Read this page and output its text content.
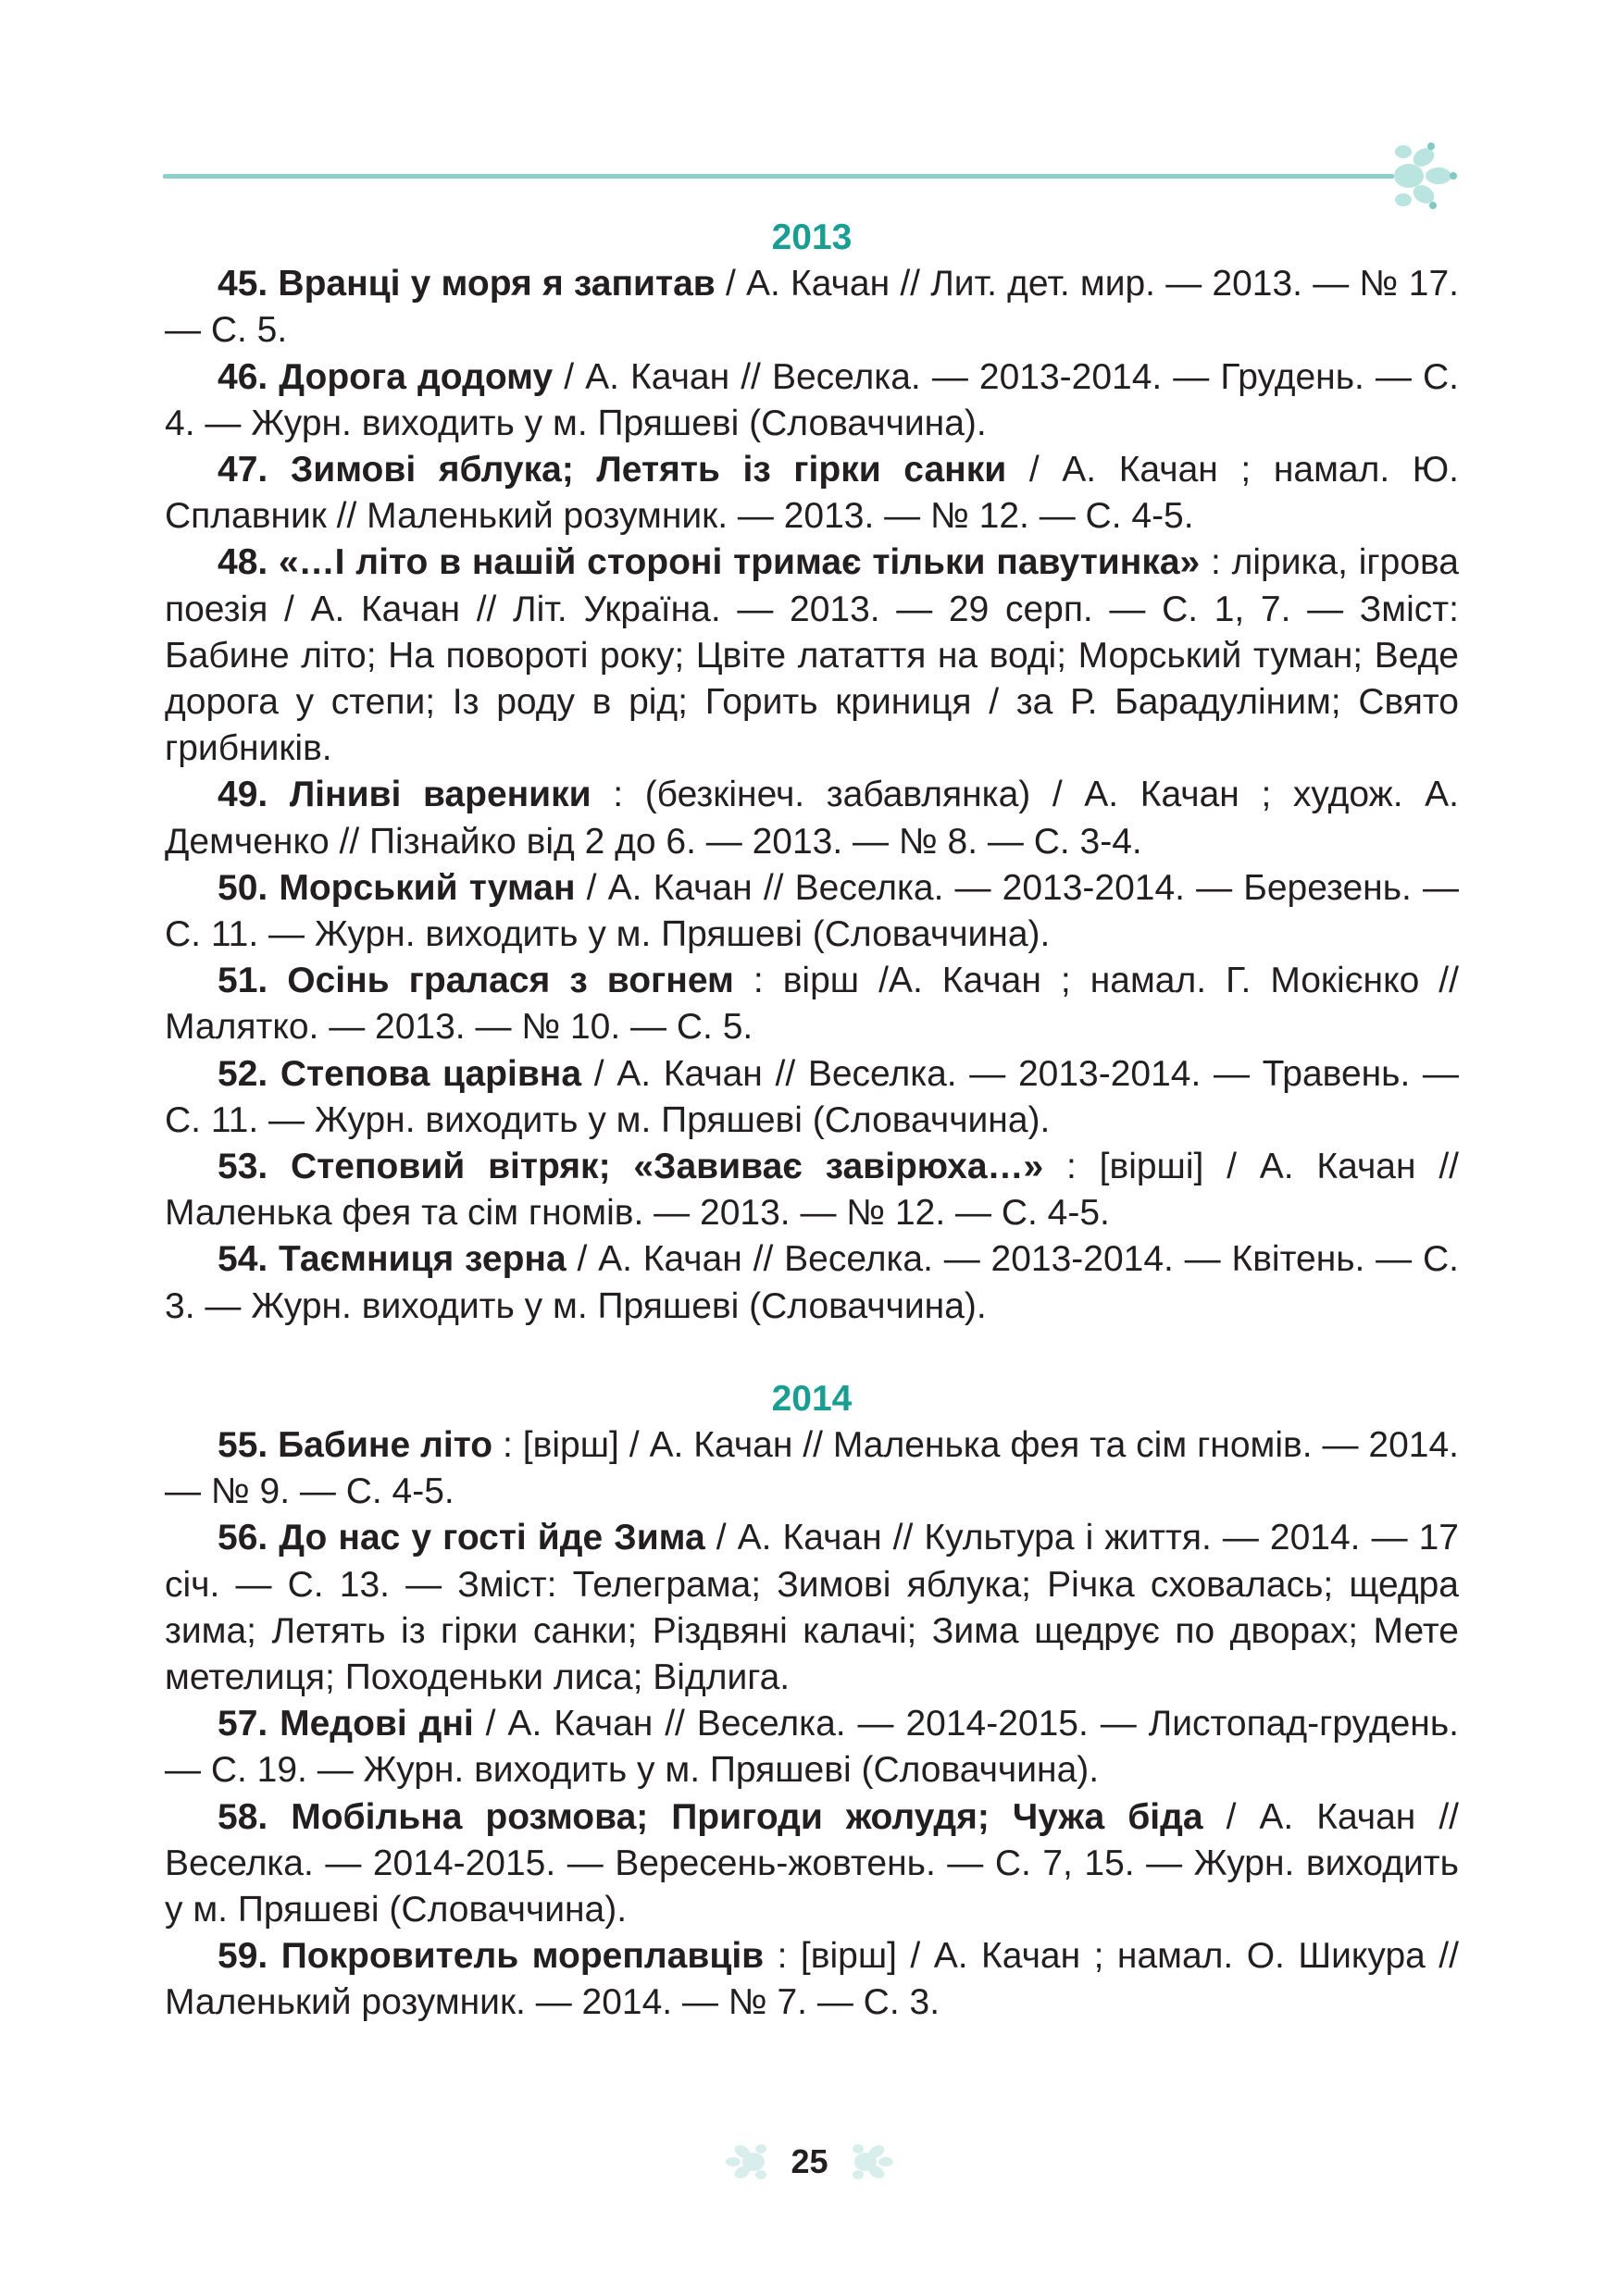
2013

45. Вранці у моря я запитав / А. Качан // Лит. дет. мир. — 2013. — № 17. — С. 5.

46. Дорога додому / А. Качан // Веселка. — 2013-2014. — Грудень. — С. 4. — Журн. виходить у м. Пряшеві (Словаччина).

47. Зимові яблука; Летять із гірки санки / А. Качан ; намал. Ю. Сплавник // Маленький розумник. — 2013. — № 12. — С. 4-5.

48. «…І літо в нашій стороні тримає тільки павутинка» : лірика, ігрова поезія / А. Качан // Літ. Україна. — 2013. — 29 серп. — С. 1, 7. — Зміст: Бабине літо; На повороті року; Цвіте латаття на воді; Морський туман; Веде дорога у степи; Із роду в рід; Горить криниця / за Р. Барадуліним; Свято грибників.

49. Ліниві вареники : (безкінеч. забавлянка) / А. Качан ; худож. А. Демченко // Пізнайко від 2 до 6. — 2013. — № 8. — С. 3-4.

50. Морський туман / А. Качан // Веселка. — 2013-2014. — Березень. — С. 11. — Журн. виходить у м. Пряшеві (Словаччина).

51. Осінь гралася з вогнем : вірш /А. Качан ; намал. Г. Мокієнко // Малятко. — 2013. — № 10. — С. 5.

52. Степова царівна / А. Качан // Веселка. — 2013-2014. — Травень. — С. 11. — Журн. виходить у м. Пряшеві (Словаччина).

53. Степовий вітряк; «Завиває завірюха…» : [вірші] / А. Качан // Маленька фея та сім гномів. — 2013. — № 12. — С. 4-5.

54. Таємниця зерна / А. Качан // Веселка. — 2013-2014. — Квітень. — С. 3. — Журн. виходить у м. Пряшеві (Словаччина).

2014

55. Бабине літо : [вірш] / А. Качан // Маленька фея та сім гномів. — 2014. — № 9. — С. 4-5.

56. До нас у гості йде Зима / А. Качан // Культура і життя. — 2014. — 17 січ. — С. 13. — Зміст: Телеграма; Зимові яблука; Річка сховалась; щедра зима; Летять із гірки санки; Різдвяні калачі; Зима щедрує по дворах; Мете метелиця; Походеньки лиса; Відлига.

57. Медові дні / А. Качан // Веселка. — 2014-2015. — Листопад-грудень. — С. 19. — Журн. виходить у м. Пряшеві (Словаччина).

58. Мобільна розмова; Пригоди жолудя; Чужа біда / А. Качан // Веселка. — 2014-2015. — Вересень-жовтень. — С. 7, 15. — Журн. виходить у м. Пряшеві (Словаччина).

59. Покровитель мореплавців : [вірш] / А. Качан ; намал. О. Шикура // Маленький розумник. — 2014. — № 7. — С. 3.

25
